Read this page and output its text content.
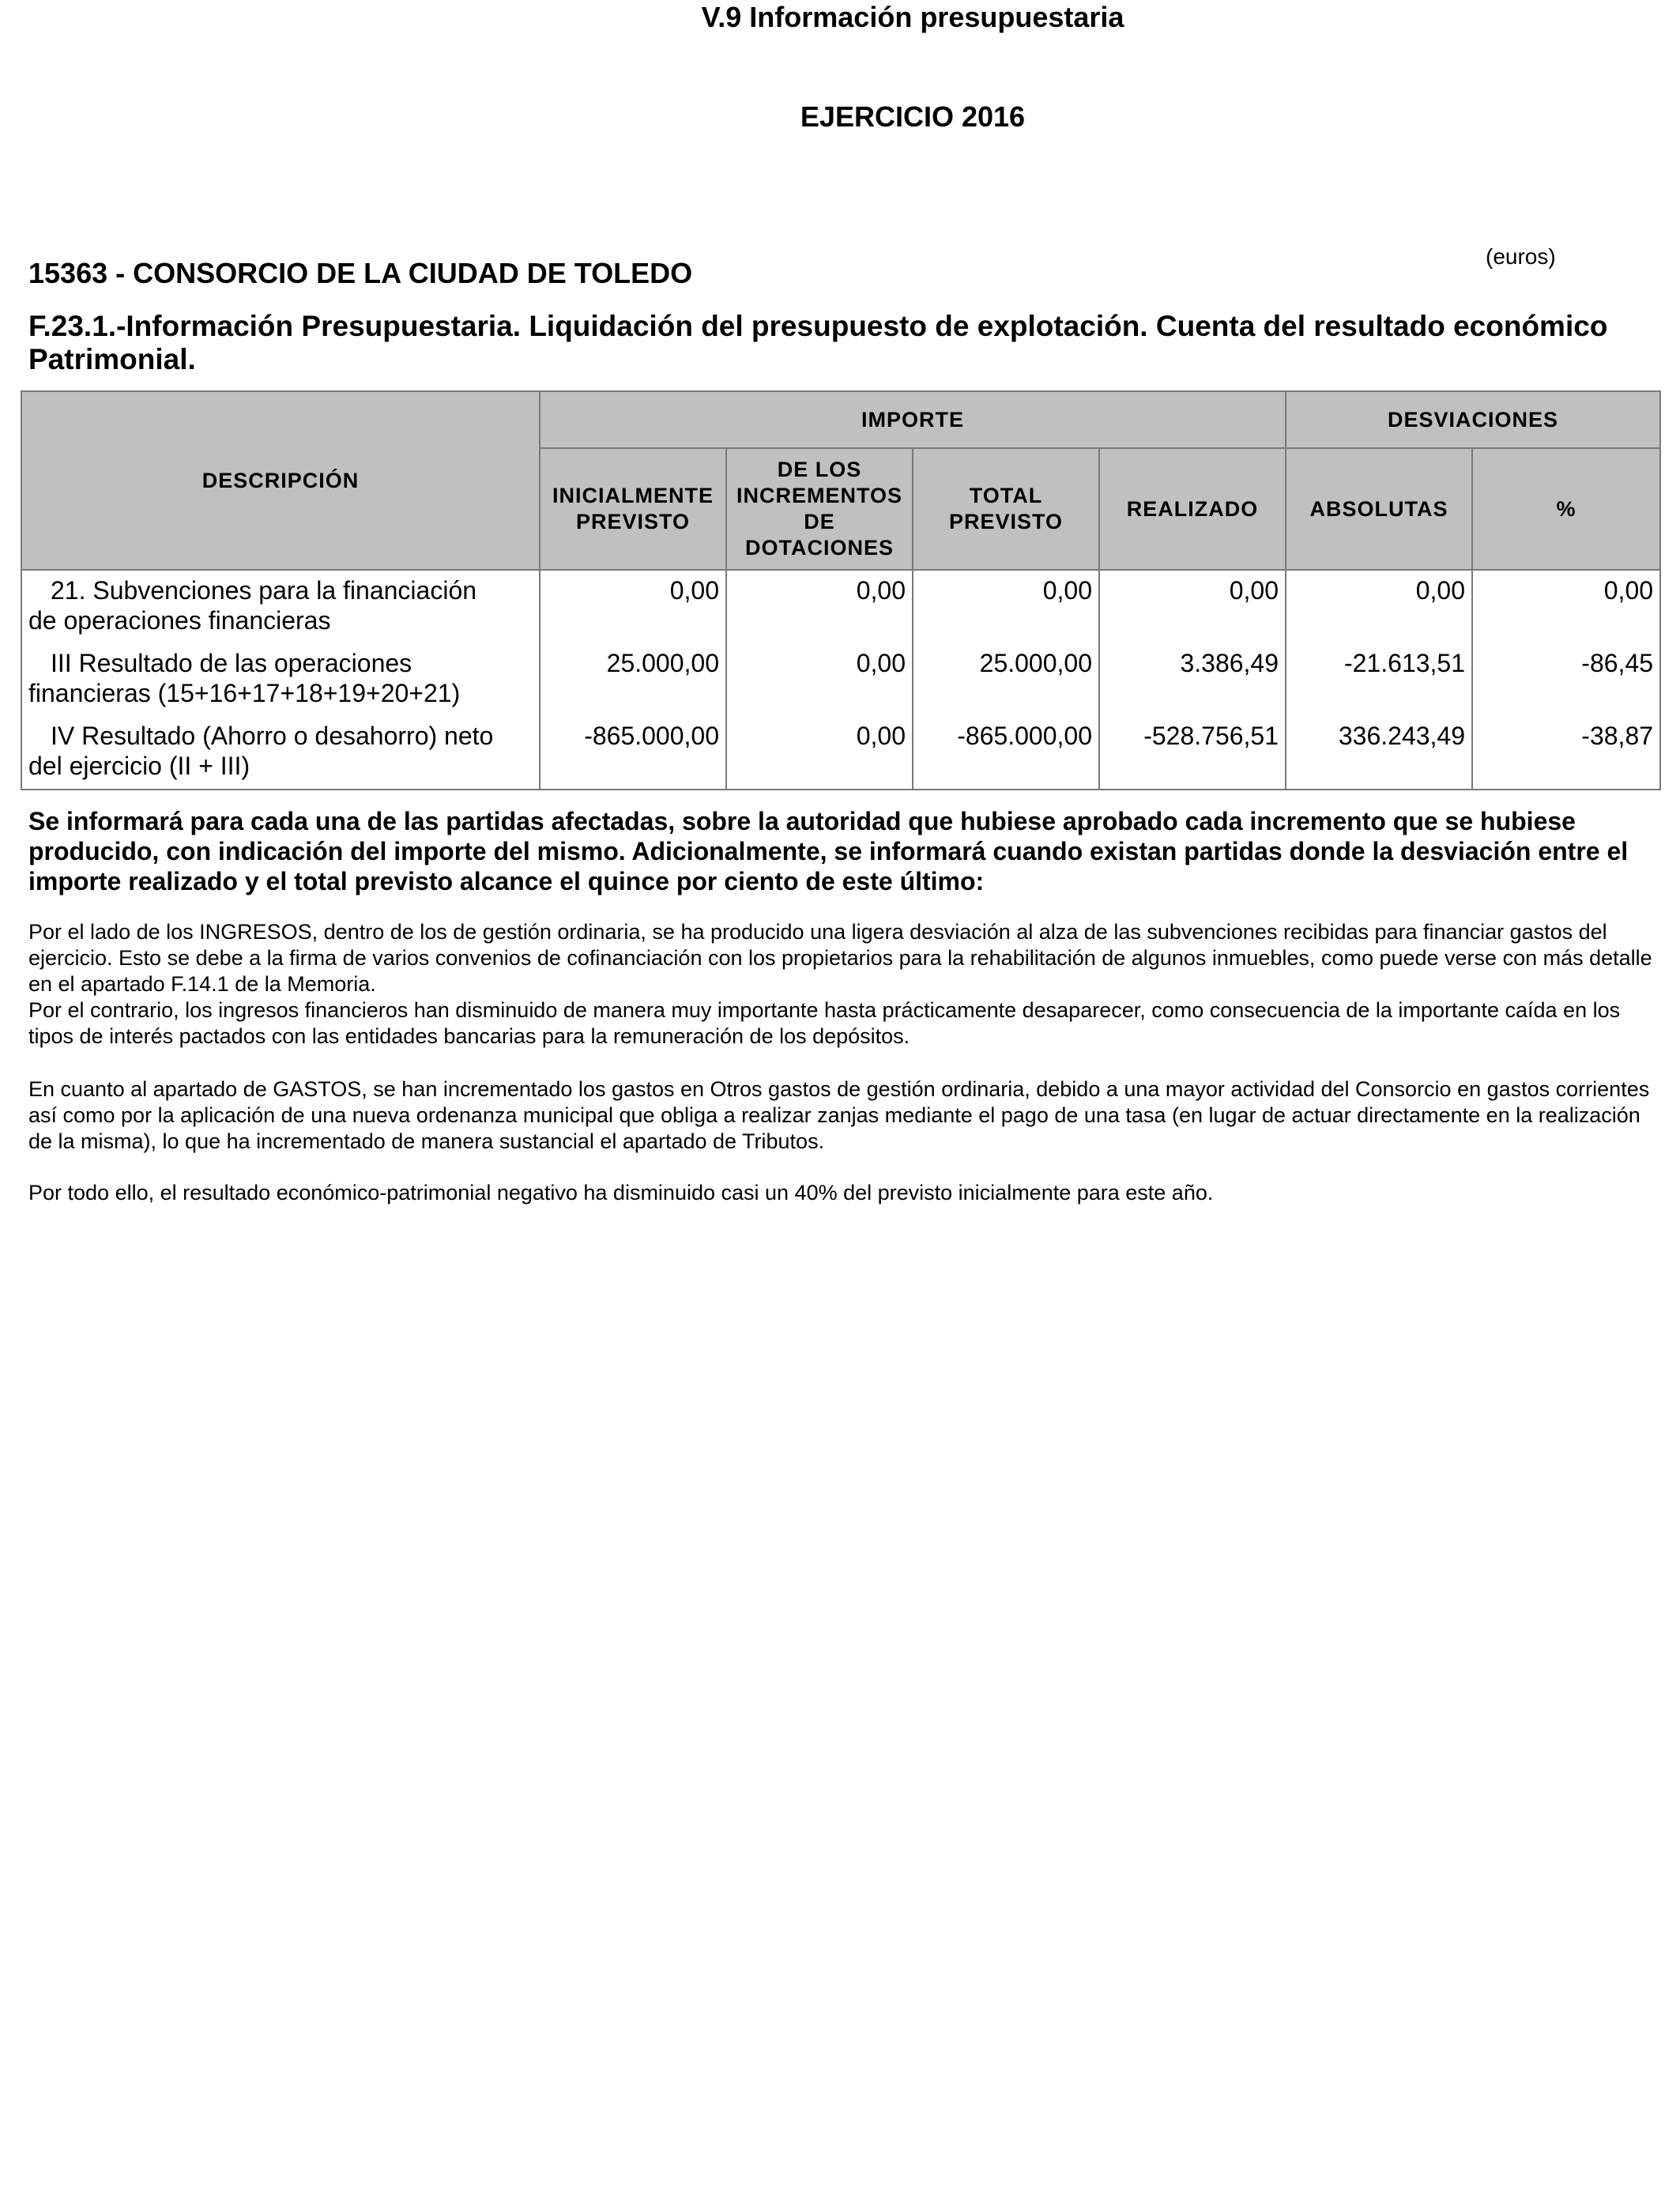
V.9 Información presupuestaria
EJERCICIO 2016
15363 - CONSORCIO DE LA CIUDAD DE TOLEDO
(euros)
F.23.1.-Información Presupuestaria. Liquidación del presupuesto de explotación. Cuenta del resultado económico Patrimonial.
DESCRIPCIÓN	IMPORTE				DESVIACIONES	
	INICIALMENTE PREVISTO	DE LOS INCREMENTOS DE DOTACIONES	TOTAL PREVISTO	REALIZADO	ABSOLUTAS	%

21. Subvenciones para la financiación
de operaciones financieras	0,00	0,00	0,00	0,00	0,00	0,00

III Resultado de las operaciones
financieras (15+16+17+18+19+20+21)	25.000,00	0,00	25.000,00	3.386,49	-21.613,51	-86,45

IV Resultado (Ahorro o desahorro) neto
del ejercicio (II + III)	-865.000,00	0,00	-865.000,00	-528.756,51	336.243,49	-38,87
Se informará para cada una de las partidas afectadas, sobre la autoridad que hubiese aprobado cada incremento que se hubiese producido, con indicación del importe del mismo. Adicionalmente, se informará cuando existan partidas donde la desviación entre el importe realizado y el total previsto alcance el quince por ciento de este último:
Por el lado de los INGRESOS, dentro de los de gestión ordinaria, se ha producido una ligera desviación al alza de las subvenciones recibidas para financiar gastos del ejercicio. Esto se debe a la firma de varios convenios de cofinanciación con los propietarios para la rehabilitación de algunos inmuebles, como puede verse con más detalle en el apartado F.14.1 de la Memoria.
Por el contrario, los ingresos financieros han disminuido de manera muy importante hasta prácticamente desaparecer, como consecuencia de la importante caída en los tipos de interés pactados con las entidades bancarias para la remuneración de los depósitos.
En cuanto al apartado de GASTOS, se han incrementado los gastos en Otros gastos de gestión ordinaria, debido a una mayor actividad del Consorcio en gastos corrientes así como por la aplicación de una nueva ordenanza municipal que obliga a realizar zanjas mediante el pago de una tasa (en lugar de actuar directamente en la realización de la misma), lo que ha incrementado de manera sustancial el apartado de Tributos.
Por todo ello, el resultado económico-patrimonial negativo ha disminuido casi un 40% del previsto inicialmente para este año.
